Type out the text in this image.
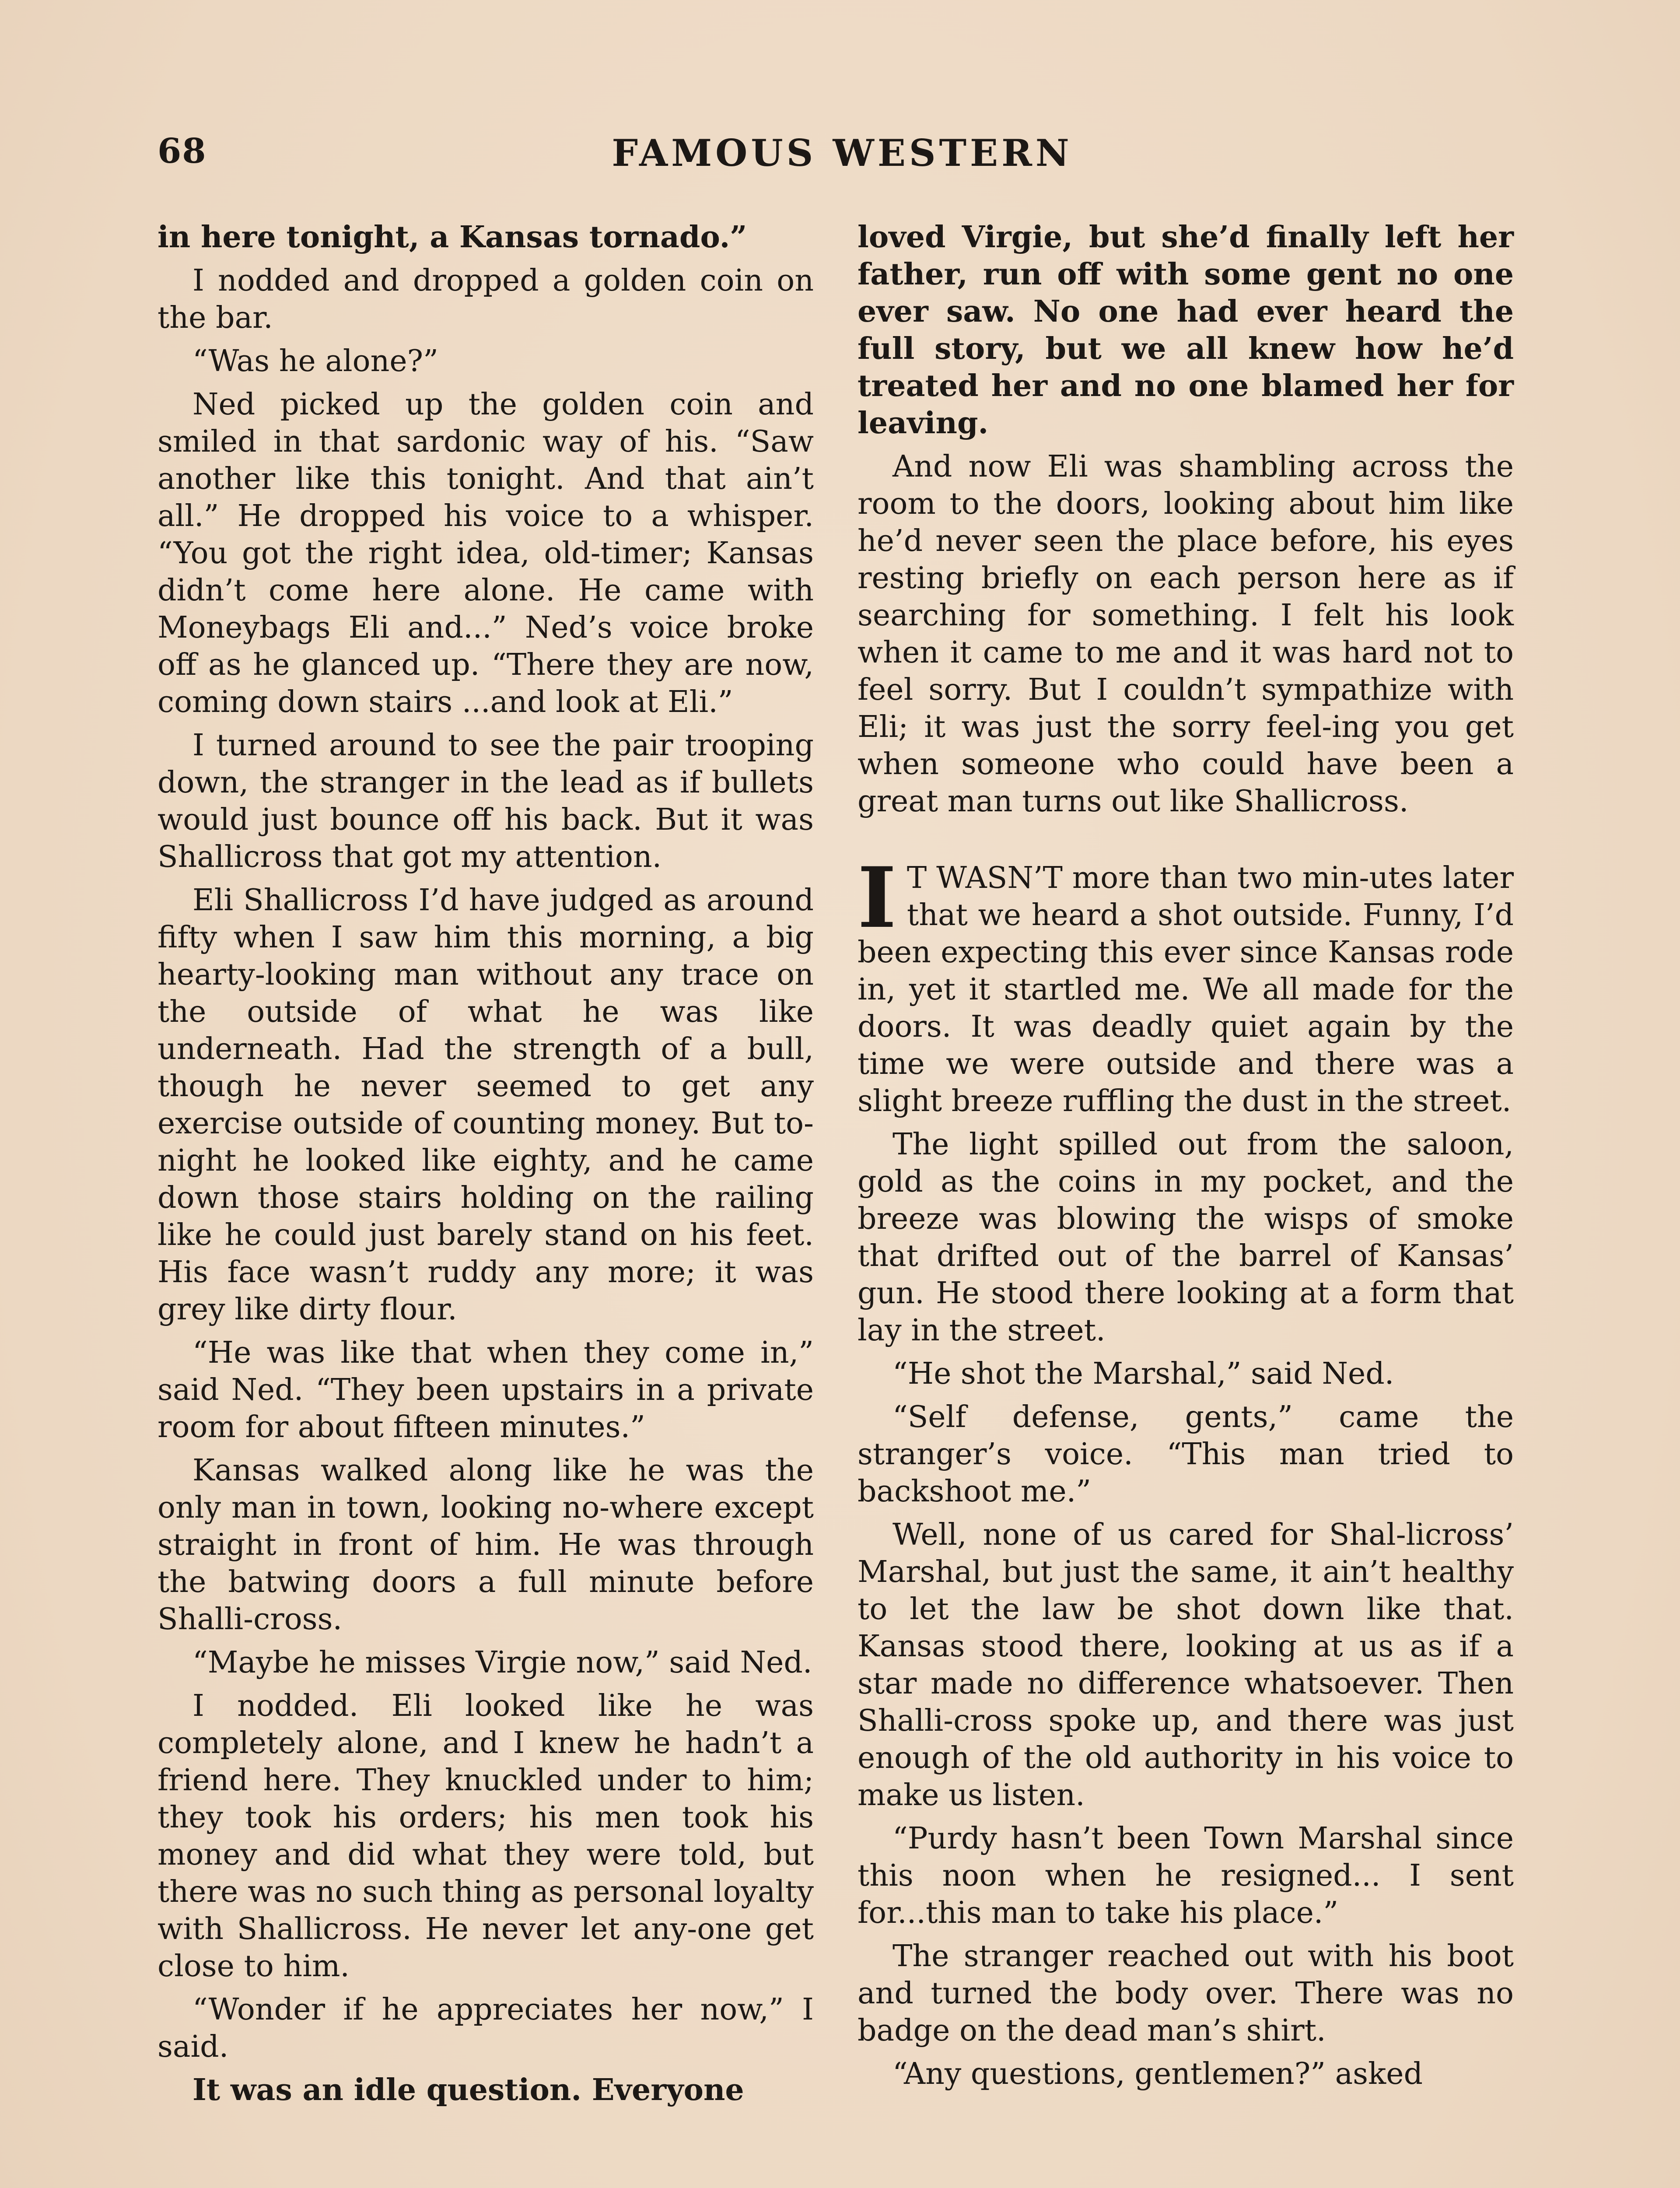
68	FAMOUS WESTERN

in here tonight, a Kansas tornado.”

I nodded and dropped a golden coin on the bar.

“Was he alone?”

Ned picked up the golden coin and smiled in that sardonic way of his. “Saw another like this tonight. And that ain’t all.” He dropped his voice to a whisper. “You got the right idea, old-timer; Kansas didn’t come here alone. He came with Moneybags Eli and...” Ned’s voice broke off as he glanced up. “There they are now, coming down stairs ...and look at Eli.”

I turned around to see the pair trooping down, the stranger in the lead as if bullets would just bounce off his back. But it was Shallicross that got my attention.

Eli Shallicross I’d have judged as around fifty when I saw him this morning, a big hearty-looking man without any trace on the outside of what he was like underneath. Had the strength of a bull, though he never seemed to get any exercise outside of counting money. But to-night he looked like eighty, and he came down those stairs holding on the railing like he could just barely stand on his feet. His face wasn’t ruddy any more; it was grey like dirty flour.

“He was like that when they come in,” said Ned. “They been upstairs in a private room for about fifteen minutes.”

Kansas walked along like he was the only man in town, looking no-where except straight in front of him. He was through the batwing doors a full minute before Shalli-cross.

“Maybe he misses Virgie now,” said Ned.

I nodded. Eli looked like he was completely alone, and I knew he hadn’t a friend here. They knuckled under to him; they took his orders; his men took his money and did what they were told, but there was no such thing as personal loyalty with Shallicross. He never let any-one get close to him.

“Wonder if he appreciates her now,” I said.

It was an idle question. Everyone

loved Virgie, but she’d finally left her father, run off with some gent no one ever saw. No one had ever heard the full story, but we all knew how he’d treated her and no one blamed her for leaving.

And now Eli was shambling across the room to the doors, looking about him like he’d never seen the place before, his eyes resting briefly on each person here as if searching for something. I felt his look when it came to me and it was hard not to feel sorry. But I couldn’t sympathize with Eli; it was just the sorry feel-ing you get when someone who could have been a great man turns out like Shallicross.

I T WASN’T more than two min-utes later that we heard a shot outside. Funny, I’d been expecting this ever since Kansas rode in, yet it startled me. We all made for the doors. It was deadly quiet again by the time we were outside and there was a slight breeze ruffling the dust in the street.

The light spilled out from the saloon, gold as the coins in my pocket, and the breeze was blowing the wisps of smoke that drifted out of the barrel of Kansas’ gun. He stood there looking at a form that lay in the street.

“He shot the Marshal,” said Ned.

“Self defense, gents,” came the stranger’s voice. “This man tried to backshoot me.”

Well, none of us cared for Shal-licross’ Marshal, but just the same, it ain’t healthy to let the law be shot down like that. Kansas stood there, looking at us as if a star made no difference whatsoever. Then Shalli-cross spoke up, and there was just enough of the old authority in his voice to make us listen.

“Purdy hasn’t been Town Marshal since this noon when he resigned... I sent for...this man to take his place.”

The stranger reached out with his boot and turned the body over. There was no badge on the dead man’s shirt.

“Any questions, gentlemen?” asked
